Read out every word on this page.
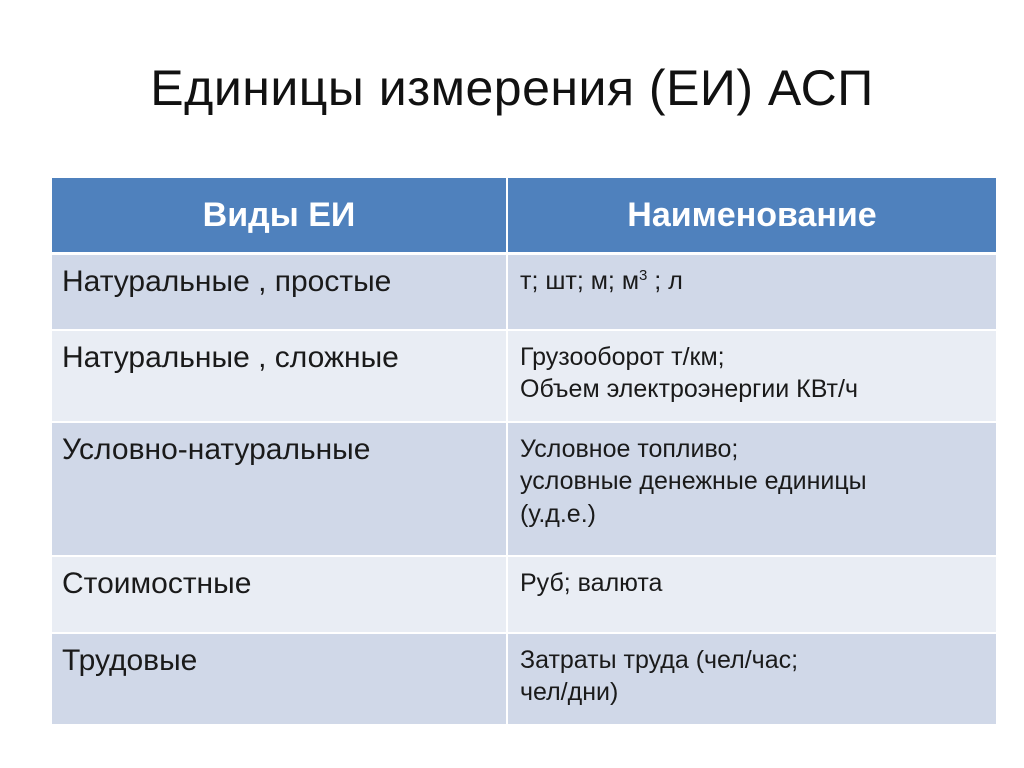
Единицы измерения (ЕИ) АСП
Виды ЕИ	Наименование

Натуральные , простые	т; шт; м; $м^3$ ; л

Натуральные , сложные	Грузооборот т/км;
Объем электроэнергии КВт/ч

Условно-натуральные	Условное топливо;
условные денежные единицы
(у.д.е.)

Стоимостные	Руб; валюта

Трудовые	Затраты труда (чел/час;
чел/дни)
